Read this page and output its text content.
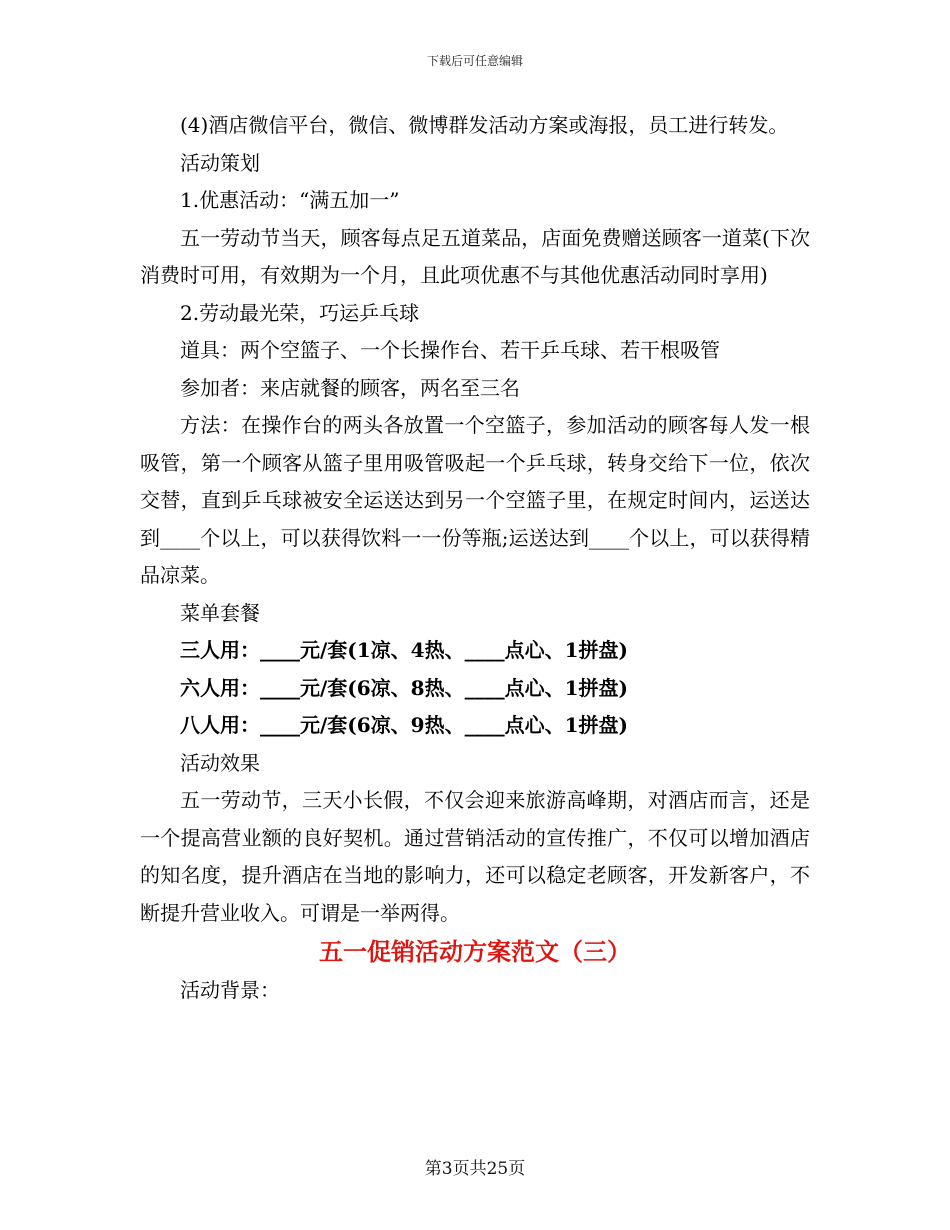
下载后可任意编辑

(4)酒店微信平台，微信、微博群发活动方案或海报，员工进行转发。

活动策划

1.优惠活动：“满五加一”

五一劳动节当天，顾客每点足五道菜品，店面免费赠送顾客一道菜(下次消费时可用，有效期为一个月，且此项优惠不与其他优惠活动同时享用)

2.劳动最光荣，巧运乒乓球

道具：两个空篮子、一个长操作台、若干乒乓球、若干根吸管

参加者：来店就餐的顾客，两名至三名

方法：在操作台的两头各放置一个空篮子，参加活动的顾客每人发一根吸管，第一个顾客从篮子里用吸管吸起一个乒乓球，转身交给下一位，依次交替，直到乒乓球被安全运送达到另一个空篮子里，在规定时间内，运送达到____个以上，可以获得饮料一一份等瓶;运送达到____个以上，可以获得精品凉菜。

菜单套餐

三人用：____元/套(1凉、4热、____点心、1拼盘)

六人用：____元/套(6凉、8热、____点心、1拼盘)

八人用：____元/套(6凉、9热、____点心、1拼盘)

活动效果

五一劳动节，三天小长假，不仅会迎来旅游高峰期，对酒店而言，还是一个提高营业额的良好契机。通过营销活动的宣传推广，不仅可以增加酒店的知名度，提升酒店在当地的影响力，还可以稳定老顾客，开发新客户，不断提升营业收入。可谓是一举两得。

五一促销活动方案范文（三）

活动背景：

第3页共25页
